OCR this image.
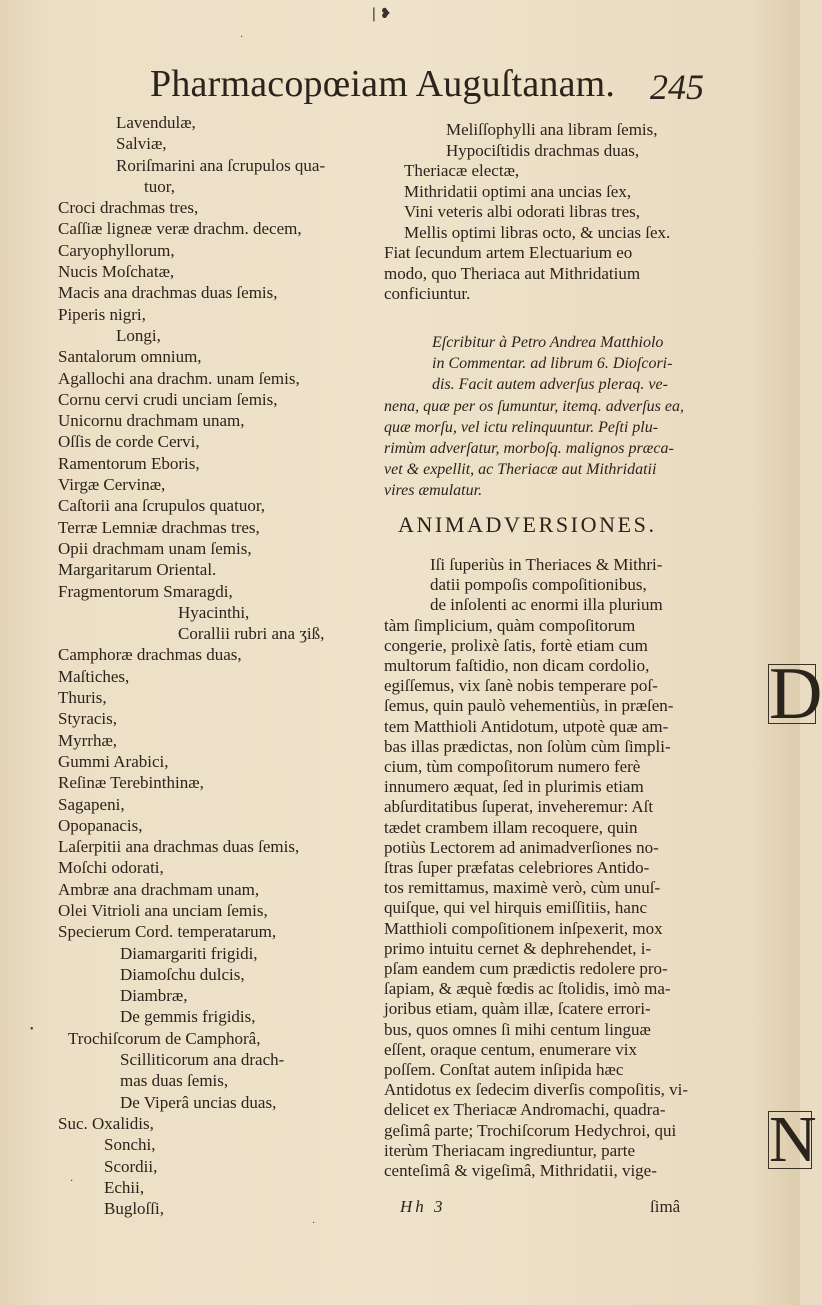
❘❥
Pharmacopœiam Auguſtanam. 245
Lavendulæ,
Salviæ,
Roriſmarini ana ſcrupulos qua-
tuor,
Croci drachmas tres,
Caſſiæ ligneæ veræ drachm. decem,
Caryophyllorum,
Nucis Moſchatæ,
Macis ana drachmas duas ſemis,
Piperis nigri,
Longi,
Santalorum omnium,
Agallochi ana drachm. unam ſemis,
Cornu cervi crudi unciam ſemis,
Unicornu drachmam unam,
Oſſis de corde Cervi,
Ramentorum Eboris,
Virgæ Cervinæ,
Caſtorii ana ſcrupulos quatuor,
Terræ Lemniæ drachmas tres,
Opii drachmam unam ſemis,
Margaritarum Oriental.
Fragmentorum Smaragdi,
Hyacinthi,
Corallii rubri ana ʒiß,
Camphoræ drachmas duas,
Maſtiches,
Thuris,
Styracis,
Myrrhæ,
Gummi Arabici,
Reſinæ Terebinthinæ,
Sagapeni,
Opopanacis,
Laſerpitii ana drachmas duas ſemis,
Moſchi odorati,
Ambræ ana drachmam unam,
Olei Vitrioli ana unciam ſemis,
Specierum Cord. temperatarum,
Diamargariti frigidi,
Diamoſchu dulcis,
Diambræ,
De gemmis frigidis,
Trochiſcorum de Camphorâ,
Scilliticorum ana drach-
mas duas ſemis,
De Viperâ uncias duas,
Suc. Oxalidis,
Sonchi,
Scordii,
Echii,
Bugloſſi,
Meliſſophylli ana libram ſemis,
Hypociſtidis drachmas duas,
Theriacæ electæ,
Mithridatii optimi ana uncias ſex,
Vini veteris albi odorati libras tres,
Mellis optimi libras octo, & uncias ſex.
Fiat ſecundum artem Electuarium eo
modo, quo Theriaca aut Mithridatium
conficiuntur.
D
Eſcribitur à Petro Andrea Matthiolo
in Commentar. ad librum 6. Dioſcori-
dis. Facit autem adverſus pleraq. ve-
nena, quæ per os ſumuntur, itemq. adverſus ea,
quæ morſu, vel ictu relinquuntur. Peſti plu-
rimùm adverſatur, morboſq. malignos præca-
vet & expellit, ac Theriacæ aut Mithridatii
vires æmulatur.
ANIMADVERSIONES.
N
Iſi ſuperiùs in Theriaces & Mithri-
datii pompoſis compoſitionibus,
de inſolenti ac enormi illa plurium
tàm ſimplicium, quàm compoſitorum
congerie, prolixè ſatis, fortè etiam cum
multorum faſtidio, non dicam cordolio,
egiſſemus, vix ſanè nobis temperare poſ-
ſemus, quin paulò vehementiùs, in præſen-
tem Matthioli Antidotum, utpotè quæ am-
bas illas prædictas, non ſolùm cùm ſimpli-
cium, tùm compoſitorum numero ferè
innumero æquat, ſed in plurimis etiam
abſurditatibus ſuperat, inveheremur: Aſt
tædet crambem illam recoquere, quin
potiùs Lectorem ad animadverſiones no-
ſtras ſuper præfatas celebriores Antido-
tos remittamus, maximè verò, cùm unuſ-
quiſque, qui vel hirquis emiſſitiis, hanc
Matthioli compoſitionem inſpexerit, mox
primo intuitu cernet & dephrehendet, i-
pſam eandem cum prædictis redolere pro-
ſapiam, & æquè fœdis ac ſtolidis, imò ma-
joribus etiam, quàm illæ, ſcatere errori-
bus, quos omnes ſi mihi centum linguæ
eſſent, oraque centum, enumerare vix
poſſem. Conſtat autem inſipida hæc
Antidotus ex ſedecim diverſis compoſitis, vi-
delicet ex Theriacæ Andromachi, quadra-
geſimâ parte; Trochiſcorum Hedychroi, qui
iterùm Theriacam ingrediuntur, parte
centeſimâ & vigeſimâ, Mithridatii, vige-
Hh 3	ſimâ
·
•
·
·
